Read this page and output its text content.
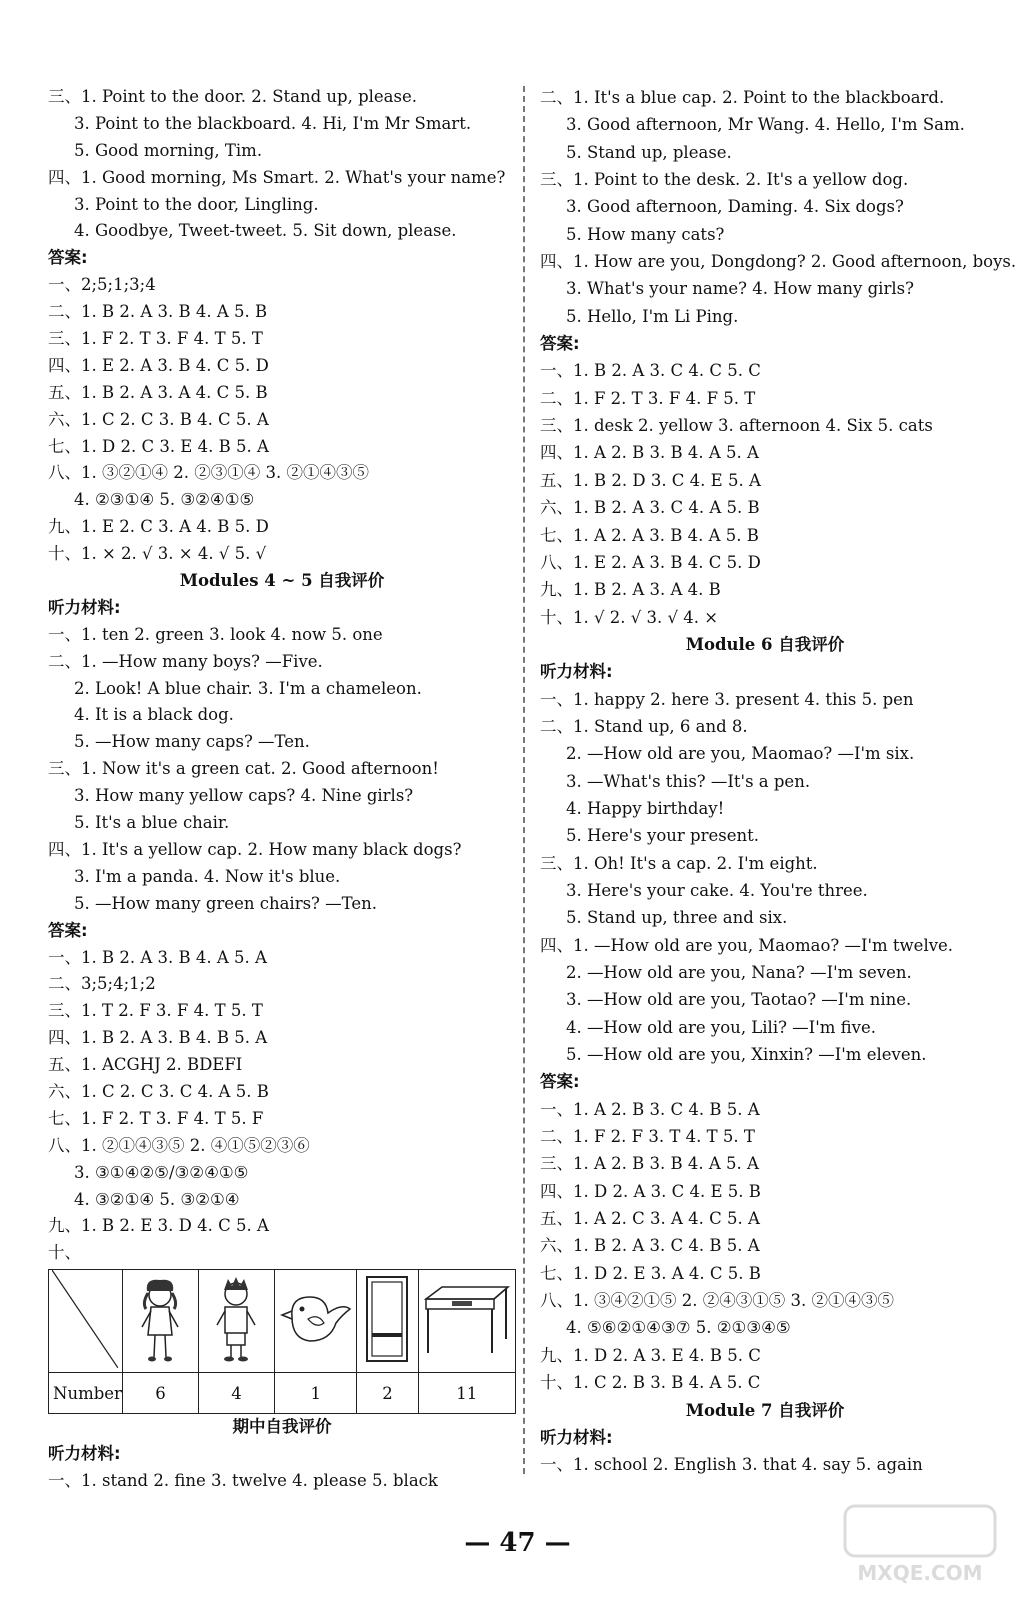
三、1. Point to the door. 2. Stand up, please.
3. Point to the blackboard. 4. Hi, I'm Mr Smart.
5. Good morning, Tim.
四、1. Good morning, Ms Smart. 2. What's your name?
3. Point to the door, Lingling.
4. Goodbye, Tweet-tweet. 5. Sit down, please.
答案:
一、2;5;1;3;4
二、1. B 2. A 3. B 4. A 5. B
三、1. F 2. T 3. F 4. T 5. T
四、1. E 2. A 3. B 4. C 5. D
五、1. B 2. A 3. A 4. C 5. B
六、1. C 2. C 3. B 4. C 5. A
七、1. D 2. C 3. E 4. B 5. A
八、1. ③②①④ 2. ②③①④ 3. ②①④③⑤
4. ②③①④ 5. ③②④①⑤
九、1. E 2. C 3. A 4. B 5. D
十、1. × 2. √ 3. × 4. √ 5. √
Modules 4 ~ 5 自我评价
听力材料:
一、1. ten 2. green 3. look 4. now 5. one
二、1. —How many boys? —Five.
2. Look! A blue chair. 3. I'm a chameleon.
4. It is a black dog.
5. —How many caps? —Ten.
三、1. Now it's a green cat. 2. Good afternoon!
3. How many yellow caps? 4. Nine girls?
5. It's a blue chair.
四、1. It's a yellow cap. 2. How many black dogs?
3. I'm a panda. 4. Now it's blue.
5. —How many green chairs? —Ten.
答案:
一、1. B 2. A 3. B 4. A 5. A
二、3;5;4;1;2
三、1. T 2. F 3. F 4. T 5. T
四、1. B 2. A 3. B 4. B 5. A
五、1. ACGHJ 2. BDEFI
六、1. C 2. C 3. C 4. A 5. B
七、1. F 2. T 3. F 4. T 5. F
八、1. ②①④③⑤ 2. ④①⑤②③⑥
3. ③①④②⑤/③②④①⑤
4. ③②①④ 5. ③②①④
九、1. B 2. E 3. D 4. C 5. A
十、

Number	6	4	1	2	11
期中自我评价
听力材料:
一、1. stand 2. fine 3. twelve 4. please 5. black
二、1. It's a blue cap. 2. Point to the blackboard.
3. Good afternoon, Mr Wang. 4. Hello, I'm Sam.
5. Stand up, please.
三、1. Point to the desk. 2. It's a yellow dog.
3. Good afternoon, Daming. 4. Six dogs?
5. How many cats?
四、1. How are you, Dongdong? 2. Good afternoon, boys.
3. What's your name? 4. How many girls?
5. Hello, I'm Li Ping.
答案:
一、1. B 2. A 3. C 4. C 5. C
二、1. F 2. T 3. F 4. F 5. T
三、1. desk 2. yellow 3. afternoon 4. Six 5. cats
四、1. A 2. B 3. B 4. A 5. A
五、1. B 2. D 3. C 4. E 5. A
六、1. B 2. A 3. C 4. A 5. B
七、1. A 2. A 3. B 4. A 5. B
八、1. E 2. A 3. B 4. C 5. D
九、1. B 2. A 3. A 4. B
十、1. √ 2. √ 3. √ 4. ×
Module 6 自我评价
听力材料:
一、1. happy 2. here 3. present 4. this 5. pen
二、1. Stand up, 6 and 8.
2. —How old are you, Maomao? —I'm six.
3. —What's this? —It's a pen.
4. Happy birthday!
5. Here's your present.
三、1. Oh! It's a cap. 2. I'm eight.
3. Here's your cake. 4. You're three.
5. Stand up, three and six.
四、1. —How old are you, Maomao? —I'm twelve.
2. —How old are you, Nana? —I'm seven.
3. —How old are you, Taotao? —I'm nine.
4. —How old are you, Lili? —I'm five.
5. —How old are you, Xinxin? —I'm eleven.
答案:
一、1. A 2. B 3. C 4. B 5. A
二、1. F 2. F 3. T 4. T 5. T
三、1. A 2. B 3. B 4. A 5. A
四、1. D 2. A 3. C 4. E 5. B
五、1. A 2. C 3. A 4. C 5. A
六、1. B 2. A 3. C 4. B 5. A
七、1. D 2. E 3. A 4. C 5. B
八、1. ③④②①⑤ 2. ②④③①⑤ 3. ②①④③⑤
4. ⑤⑥②①④③⑦ 5. ②①③④⑤
九、1. D 2. A 3. E 4. B 5. C
十、1. C 2. B 3. B 4. A 5. C
Module 7 自我评价
听力材料:
一、1. school 2. English 3. that 4. say 5. again
— 47 —
MXQE.COM
